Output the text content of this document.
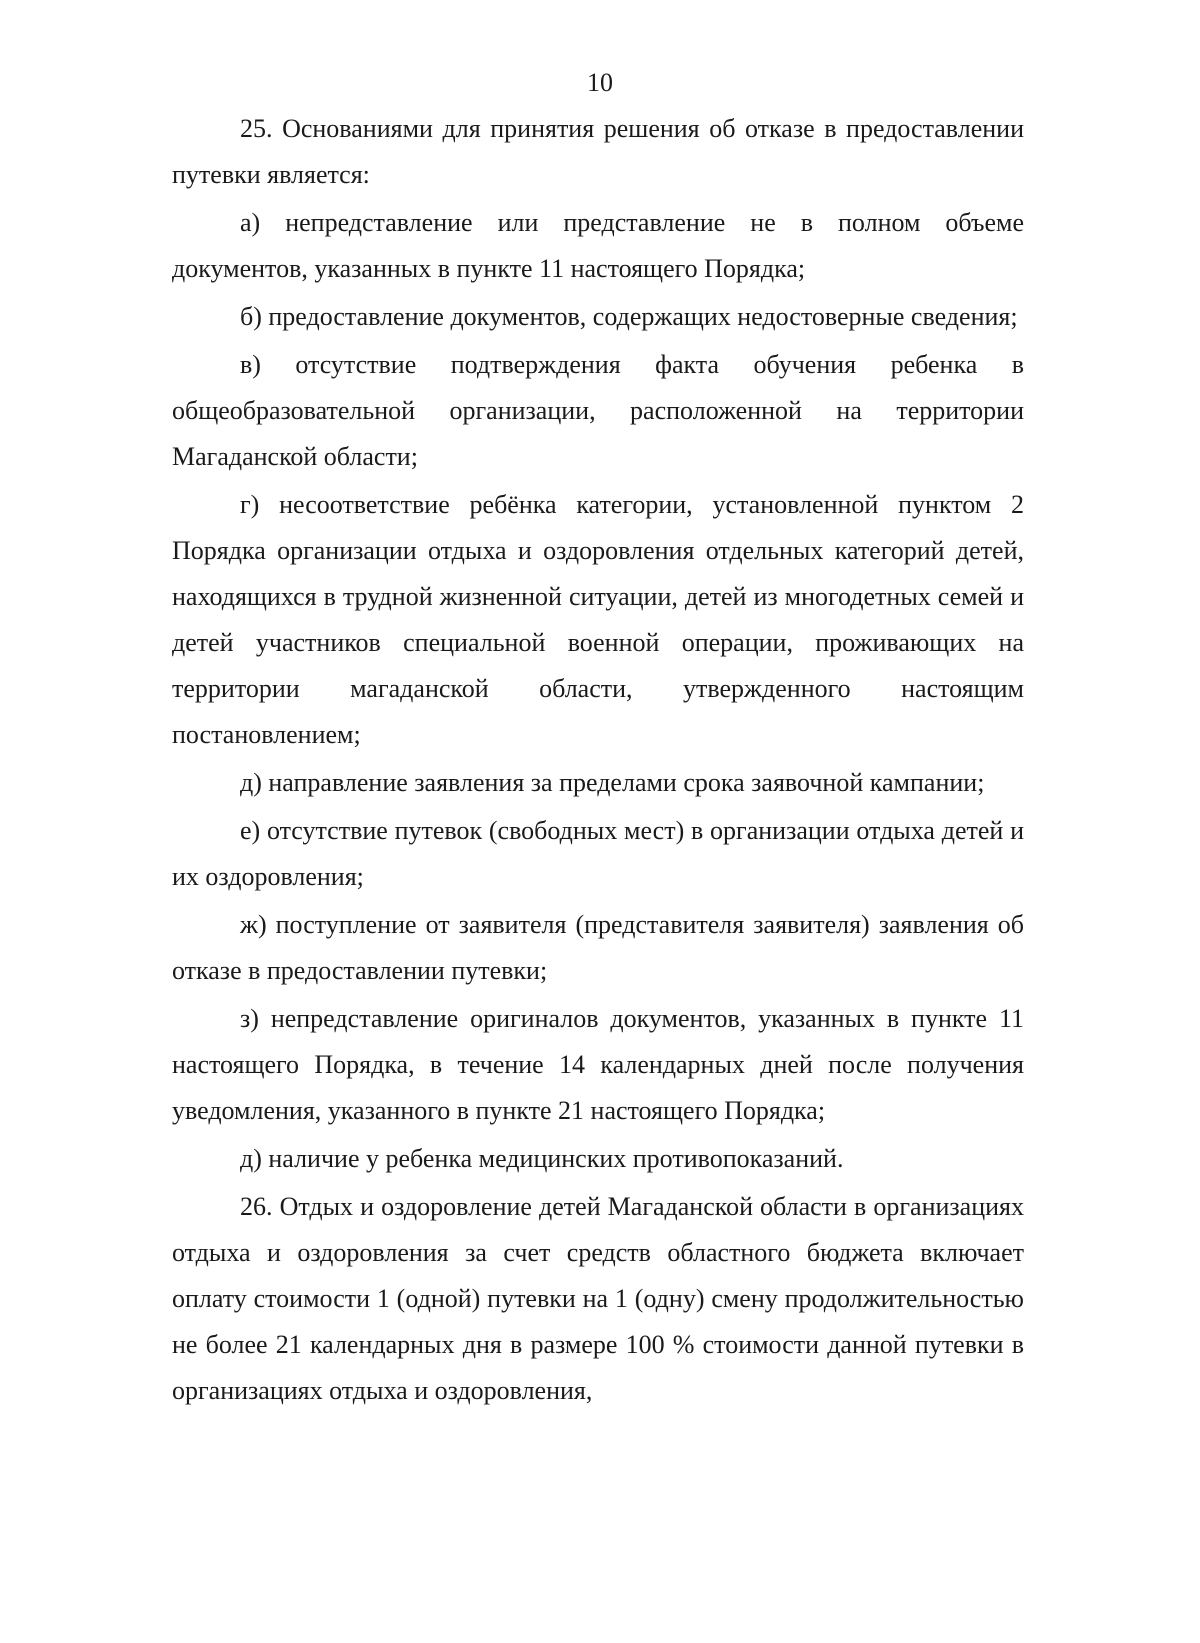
10

25. Основаниями для принятия решения об отказе в предоставлении путевки является:

а) непредставление или представление не в полном объеме документов, указанных в пункте 11 настоящего Порядка;

б) предоставление документов, содержащих недостоверные сведения;

в) отсутствие подтверждения факта обучения ребенка в общеобразовательной организации, расположенной на территории Магаданской области;

г) несоответствие ребёнка категории, установленной пунктом 2 Порядка организации отдыха и оздоровления отдельных категорий детей, находящихся в трудной жизненной ситуации, детей из многодетных семей и детей участников специальной военной операции, проживающих на территории магаданской области, утвержденного настоящим постановлением;

д) направление заявления за пределами срока заявочной кампании;

е) отсутствие путевок (свободных мест) в организации отдыха детей и их оздоровления;

ж) поступление от заявителя (представителя заявителя) заявления об отказе в предоставлении путевки;

з) непредставление оригиналов документов, указанных в пункте 11 настоящего Порядка, в течение 14 календарных дней после получения уведомления, указанного в пункте 21 настоящего Порядка;

д) наличие у ребенка медицинских противопоказаний.

26. Отдых и оздоровление детей Магаданской области в организациях отдыха и оздоровления за счет средств областного бюджета включает оплату стоимости 1 (одной) путевки на 1 (одну) смену продолжительностью не более 21 календарных дня в размере 100 % стоимости данной путевки в организациях отдыха и оздоровления,
